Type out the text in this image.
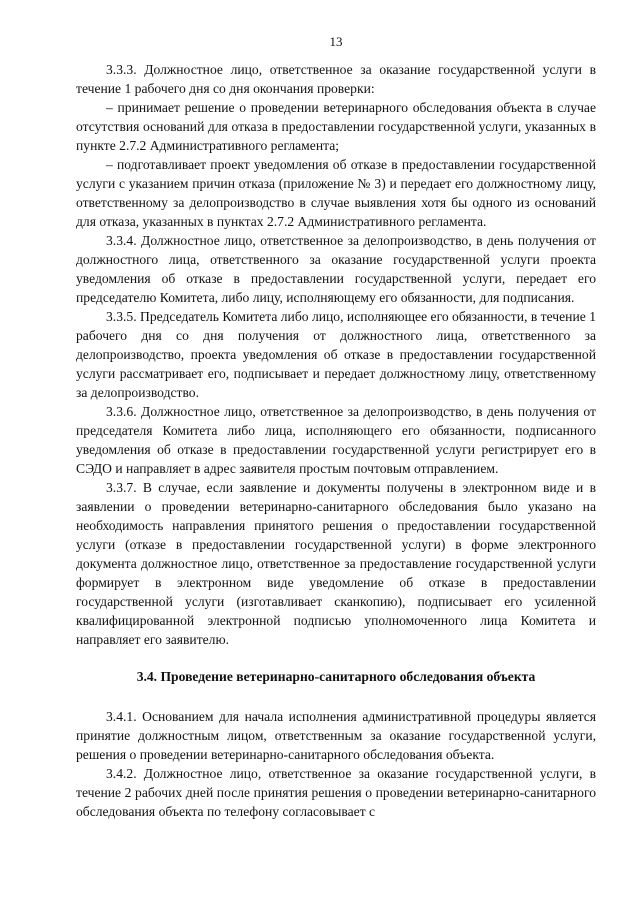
13

3.3.3. Должностное лицо, ответственное за оказание государственной услуги в течение 1 рабочего дня со дня окончания проверки:

– принимает решение о проведении ветеринарного обследования объекта в случае отсутствия оснований для отказа в предоставлении государственной услуги, указанных в пункте 2.7.2 Административного регламента;

– подготавливает проект уведомления об отказе в предоставлении государственной услуги с указанием причин отказа (приложение № 3) и передает его должностному лицу, ответственному за делопроизводство в случае выявления хотя бы одного из оснований для отказа, указанных в пунктах 2.7.2 Административного регламента.

3.3.4. Должностное лицо, ответственное за делопроизводство, в день получения от должностного лица, ответственного за оказание государственной услуги проекта уведомления об отказе в предоставлении государственной услуги, передает его председателю Комитета, либо лицу, исполняющему его обязанности, для подписания.

3.3.5. Председатель Комитета либо лицо, исполняющее его обязанности, в течение 1 рабочего дня со дня получения от должностного лица, ответственного за делопроизводство, проекта уведомления об отказе в предоставлении государственной услуги рассматривает его, подписывает и передает должностному лицу, ответственному за делопроизводство.

3.3.6. Должностное лицо, ответственное за делопроизводство, в день получения от председателя Комитета либо лица, исполняющего его обязанности, подписанного уведомления об отказе в предоставлении государственной услуги регистрирует его в СЭДО и направляет в адрес заявителя простым почтовым отправлением.

3.3.7. В случае, если заявление и документы получены в электронном виде и в заявлении о проведении ветеринарно-санитарного обследования было указано на необходимость направления принятого решения о предоставлении государственной услуги (отказе в предоставлении государственной услуги) в форме электронного документа должностное лицо, ответственное за предоставление государственной услуги формирует в электронном виде уведомление об отказе в предоставлении государственной услуги (изготавливает сканкопию), подписывает его усиленной квалифицированной электронной подписью уполномоченного лица Комитета и направляет его заявителю.

3.4. Проведение ветеринарно-санитарного обследования объекта

3.4.1. Основанием для начала исполнения административной процедуры является принятие должностным лицом, ответственным за оказание государственной услуги, решения о проведении ветеринарно-санитарного обследования объекта.

3.4.2. Должностное лицо, ответственное за оказание государственной услуги, в течение 2 рабочих дней после принятия решения о проведении ветеринарно-санитарного обследования объекта по телефону согласовывает с
